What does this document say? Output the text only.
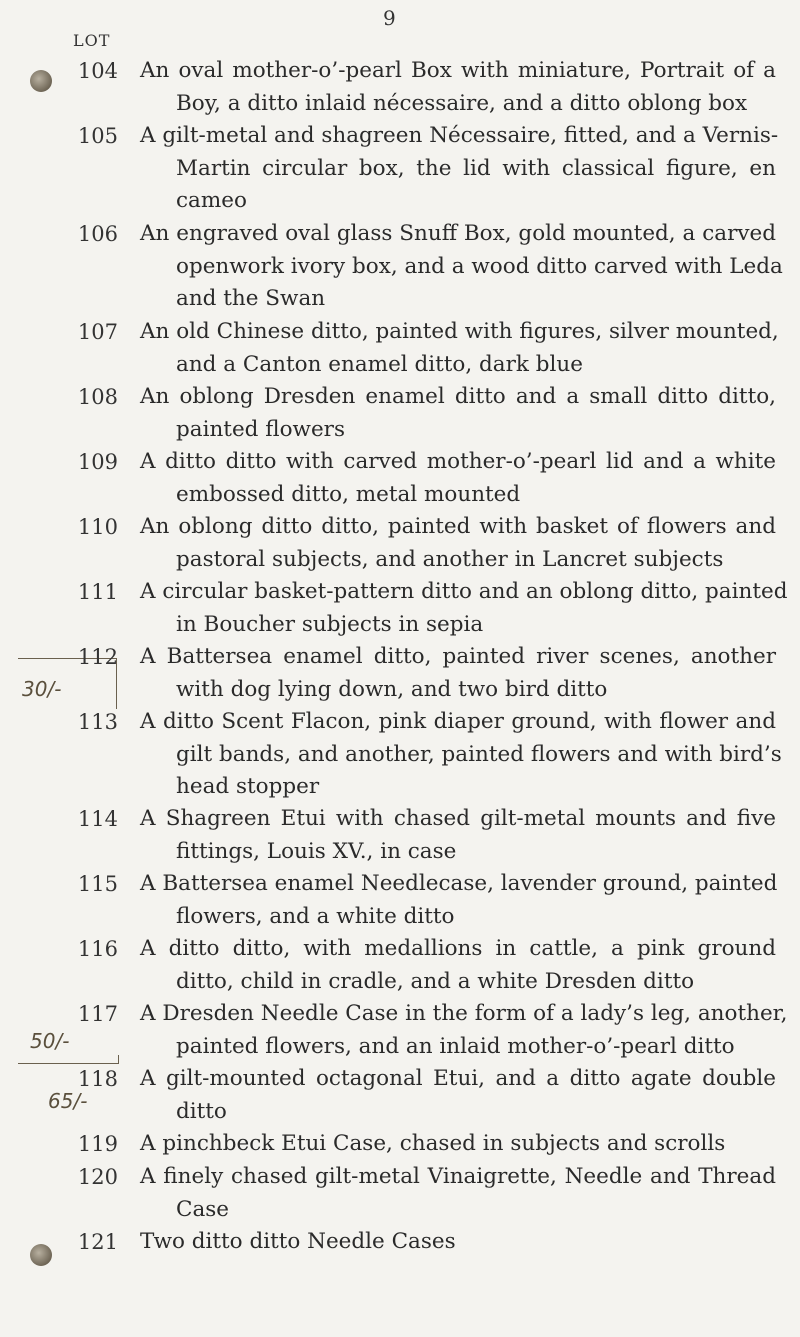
9
LOT
30/-
50/-
65/-
104 An oval mother-o’-pearl Box with miniature, Portrait of a
Boy, a ditto inlaid nécessaire, and a ditto oblong box
105 A gilt-metal and shagreen Nécessaire, fitted, and a Vernis-
Martin circular box, the lid with classical figure, en
cameo
106 An engraved oval glass Snuff Box, gold mounted, a carved
openwork ivory box, and a wood ditto carved with Leda
and the Swan
107 An old Chinese ditto, painted with figures, silver mounted,
and a Canton enamel ditto, dark blue
108 An oblong Dresden enamel ditto and a small ditto ditto,
painted flowers
109 A ditto ditto with carved mother-o’-pearl lid and a white
embossed ditto, metal mounted
110 An oblong ditto ditto, painted with basket of flowers and
pastoral subjects, and another in Lancret subjects
111 A circular basket-pattern ditto and an oblong ditto, painted
in Boucher subjects in sepia
112 A Battersea enamel ditto, painted river scenes, another
with dog lying down, and two bird ditto
113 A ditto Scent Flacon, pink diaper ground, with flower and
gilt bands, and another, painted flowers and with bird’s
head stopper
114 A Shagreen Etui with chased gilt-metal mounts and five
fittings, Louis XV., in case
115 A Battersea enamel Needlecase, lavender ground, painted
flowers, and a white ditto
116 A ditto ditto, with medallions in cattle, a pink ground
ditto, child in cradle, and a white Dresden ditto
117 A Dresden Needle Case in the form of a lady’s leg, another,
painted flowers, and an inlaid mother-o’-pearl ditto
118 A gilt-mounted octagonal Etui, and a ditto agate double
ditto
119 A pinchbeck Etui Case, chased in subjects and scrolls
120 A finely chased gilt-metal Vinaigrette, Needle and Thread
Case
121 Two ditto ditto Needle Cases
